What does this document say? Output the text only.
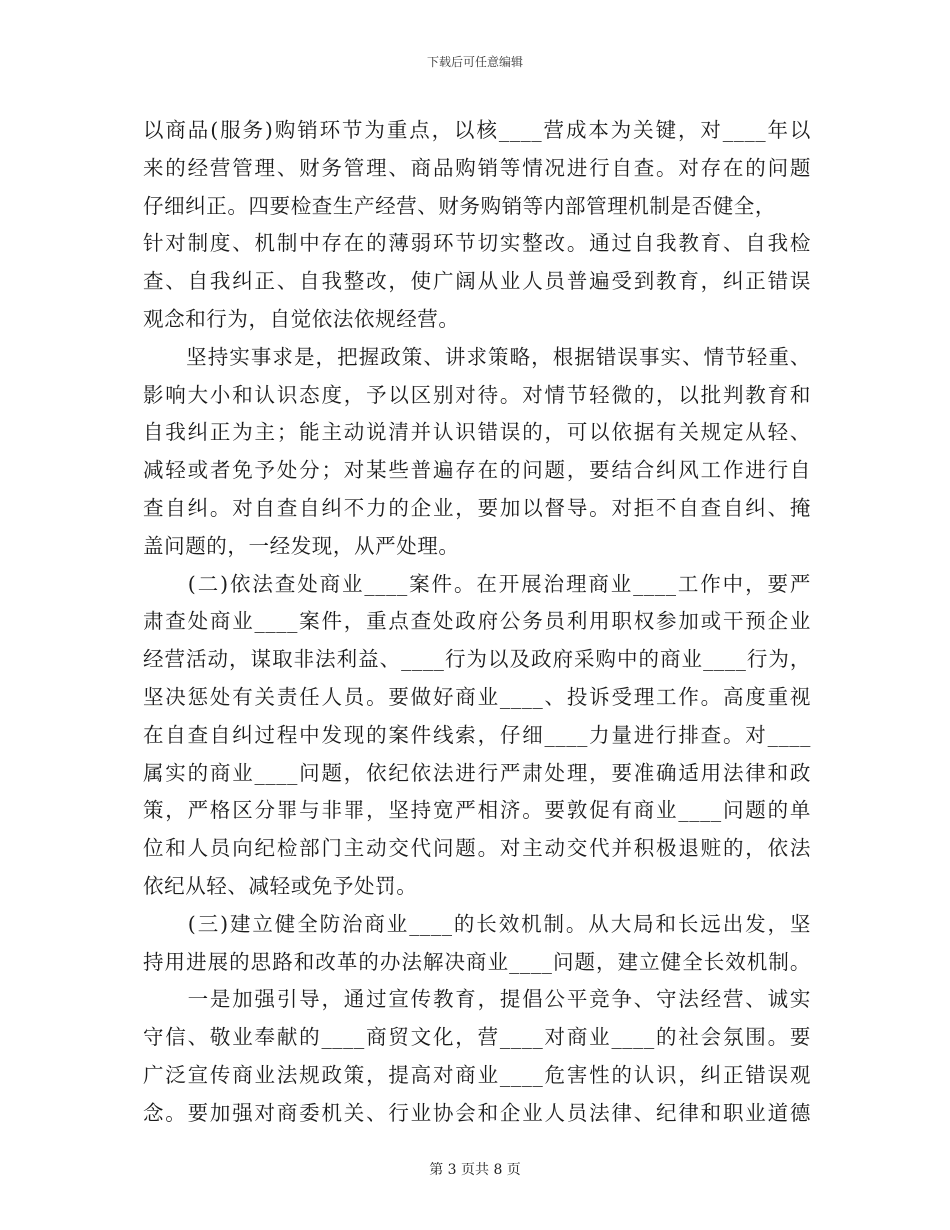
下载后可任意编辑
以商品(服务)购销环节为重点，以核____营成本为关键，对____年以
来的经营管理、财务管理、商品购销等情况进行自查。对存在的问题
仔细纠正。四要检查生产经营、财务购销等内部管理机制是否健全，
针对制度、机制中存在的薄弱环节切实整改。通过自我教育、自我检
查、自我纠正、自我整改，使广阔从业人员普遍受到教育，纠正错误
观念和行为，自觉依法依规经营。
　　坚持实事求是，把握政策、讲求策略，根据错误事实、情节轻重、
影响大小和认识态度，予以区别对待。对情节轻微的，以批判教育和
自我纠正为主；能主动说清并认识错误的，可以依据有关规定从轻、
减轻或者免予处分；对某些普遍存在的问题，要结合纠风工作进行自
查自纠。对自查自纠不力的企业，要加以督导。对拒不自查自纠、掩
盖问题的，一经发现，从严处理。
　　(二)依法查处商业____案件。在开展治理商业____工作中，要严
肃查处商业____案件，重点查处政府公务员利用职权参加或干预企业
经营活动，谋取非法利益、____行为以及政府采购中的商业____行为，
坚决惩处有关责任人员。要做好商业____、投诉受理工作。高度重视
在自查自纠过程中发现的案件线索，仔细____力量进行排查。对____
属实的商业____问题，依纪依法进行严肃处理，要准确适用法律和政
策，严格区分罪与非罪，坚持宽严相济。要敦促有商业____问题的单
位和人员向纪检部门主动交代问题。对主动交代并积极退赃的，依法
依纪从轻、减轻或免予处罚。
　　(三)建立健全防治商业____的长效机制。从大局和长远出发，坚
持用进展的思路和改革的办法解决商业____问题，建立健全长效机制。
　　一是加强引导，通过宣传教育，提倡公平竞争、守法经营、诚实
守信、敬业奉献的____商贸文化，营____对商业____的社会氛围。要
广泛宣传商业法规政策，提高对商业____危害性的认识，纠正错误观
念。要加强对商委机关、行业协会和企业人员法律、纪律和职业道德
第 3 页共 8 页
